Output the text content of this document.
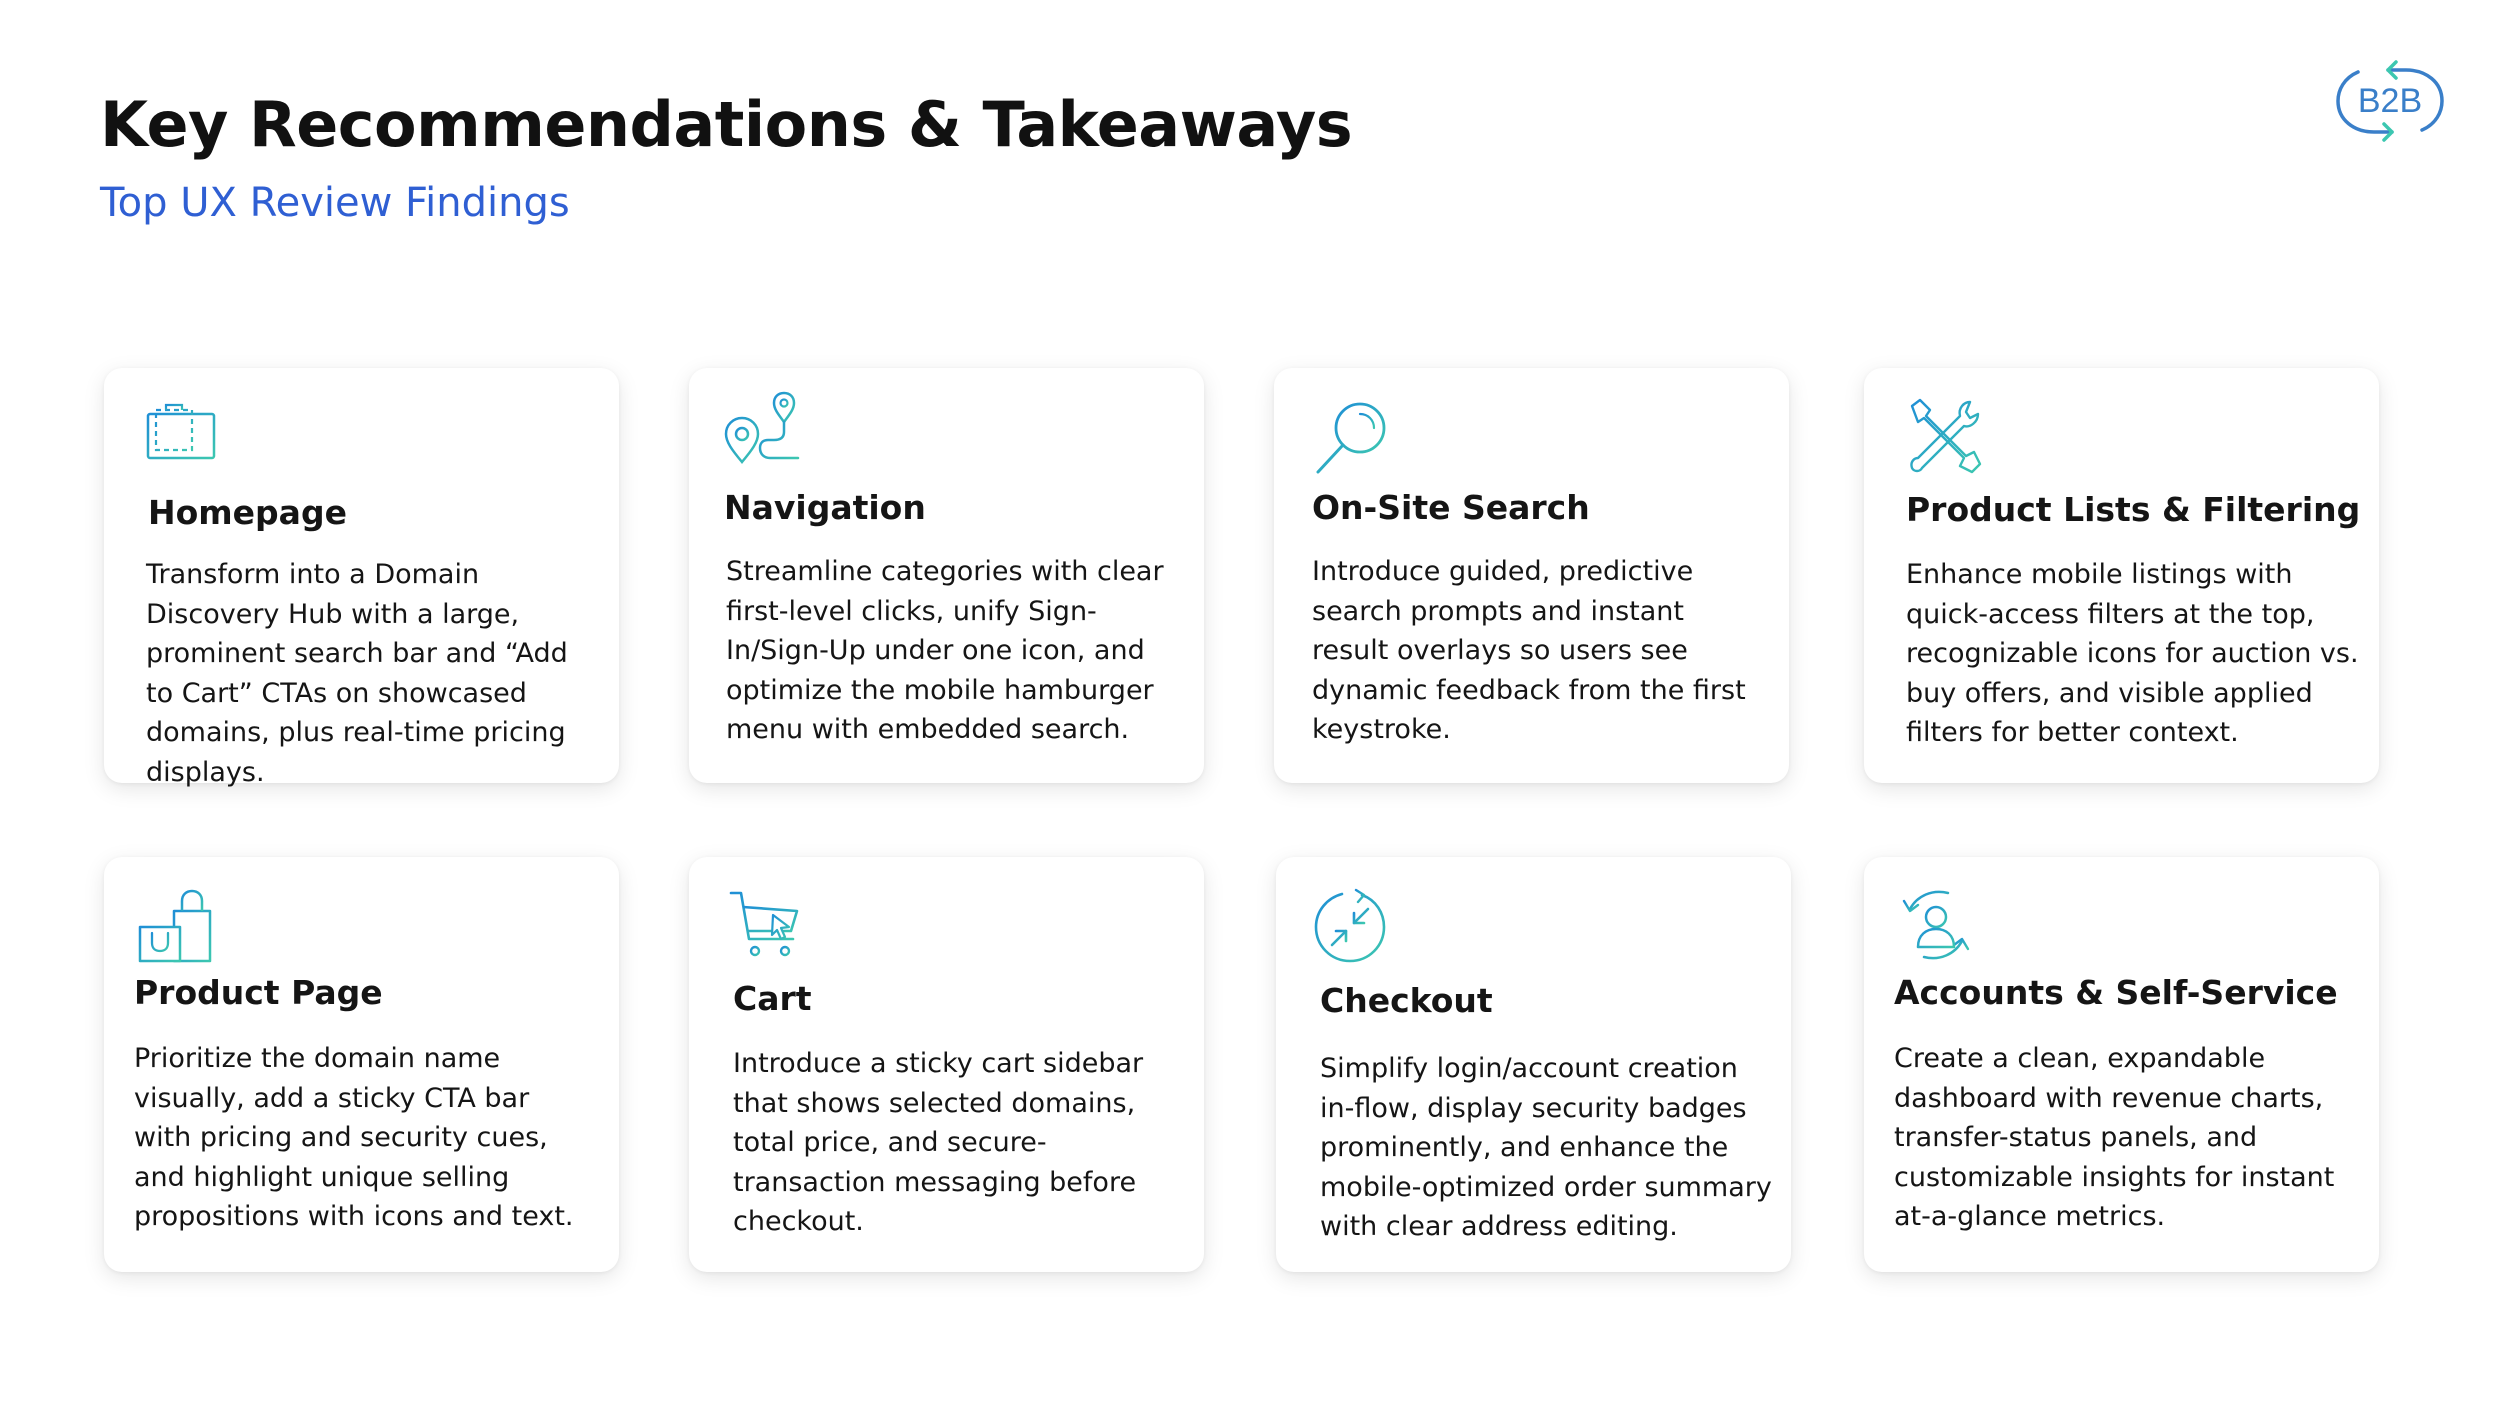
Key Recommendations & Takeaways
Top UX Review Findings
B2B
Homepage
Transform into a Domain Discovery Hub with a large, prominent search bar and “Add to Cart” CTAs on showcased domains, plus real-time pricing displays.
Navigation
Streamline categories with clear first-level clicks, unify Sign-In/Sign-Up under one icon, and optimize the mobile hamburger menu with embedded search.
On-Site Search
Introduce guided, predictive search prompts and instant result overlays so users see dynamic feedback from the first keystroke.
Product Lists & Filtering
Enhance mobile listings with quick-access filters at the top, recognizable icons for auction vs. buy offers, and visible applied filters for better context.
Product Page
Prioritize the domain name visually, add a sticky CTA bar with pricing and security cues, and highlight unique selling propositions with icons and text.
Cart
Introduce a sticky cart sidebar that shows selected domains, total price, and secure-transaction messaging before checkout.
Checkout
Simplify login/account creation in-flow, display security badges prominently, and enhance the mobile-optimized order summary with clear address editing.
Accounts & Self-Service
Create a clean, expandable dashboard with revenue charts, transfer-status panels, and customizable insights for instant at-a-glance metrics.
